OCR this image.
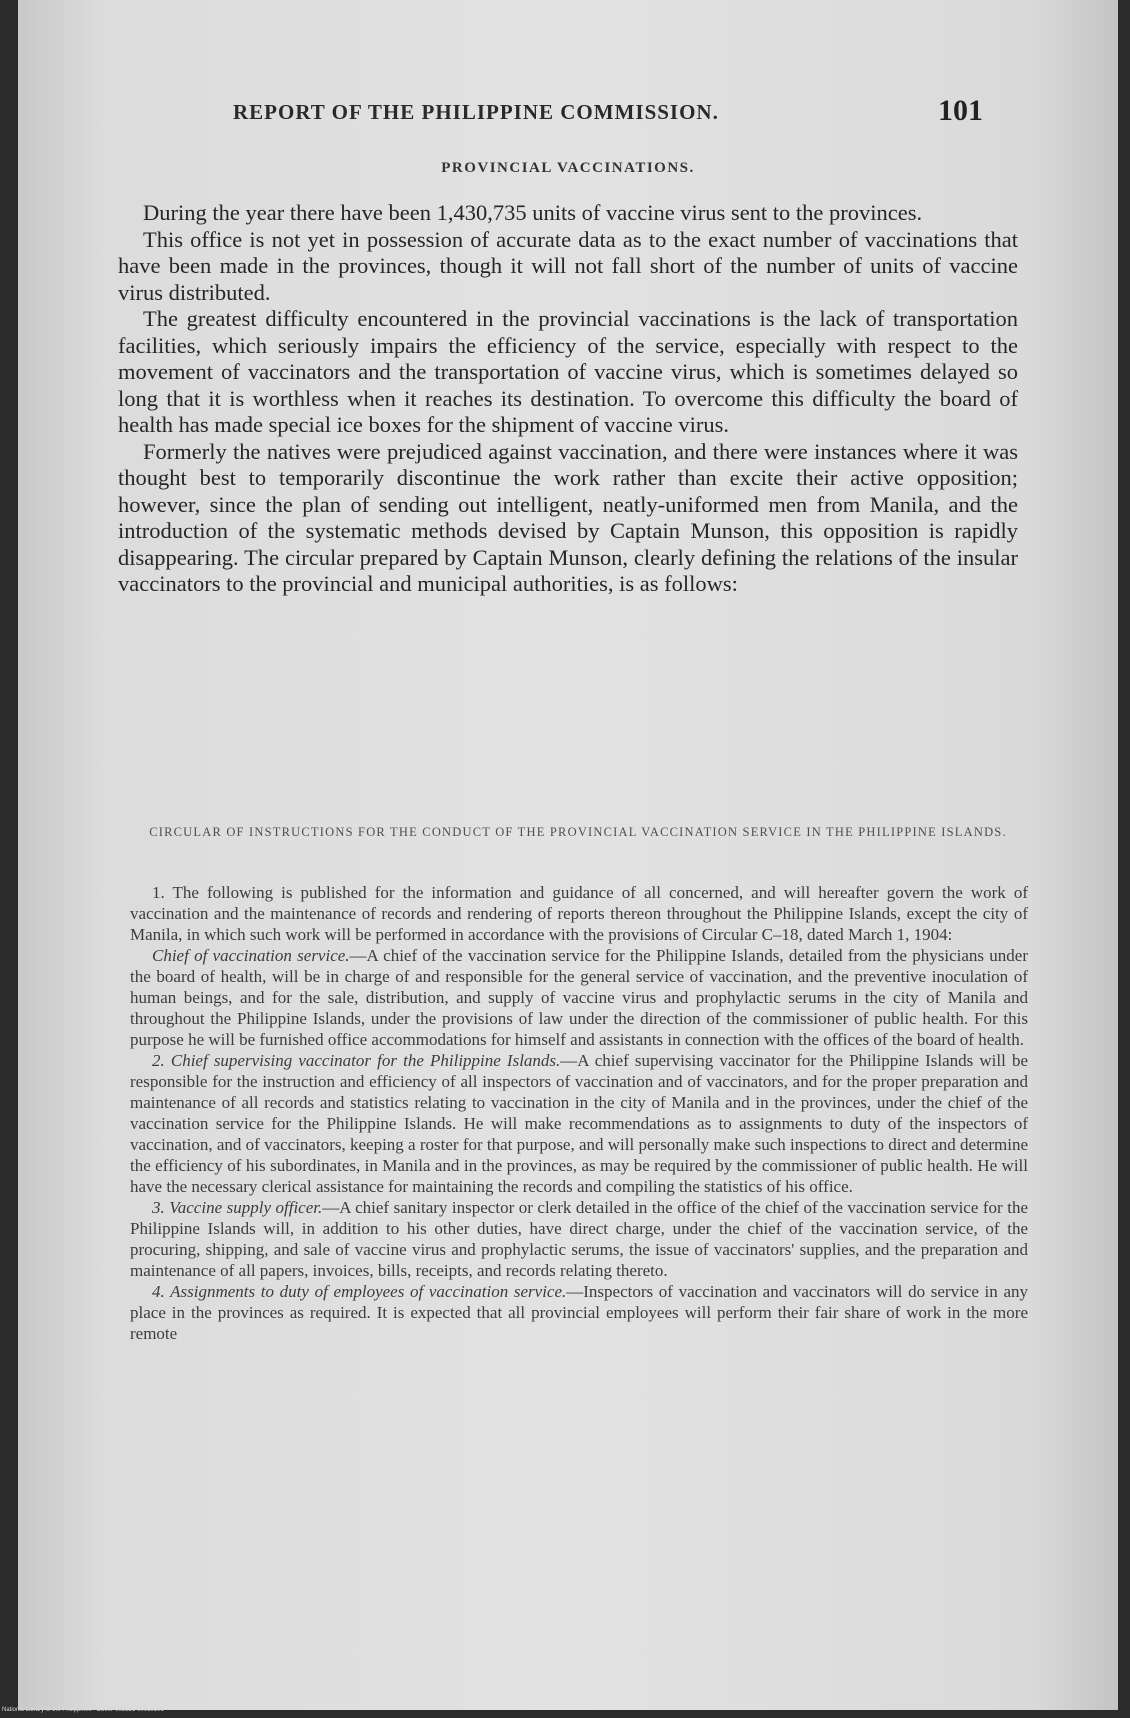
REPORT OF THE PHILIPPINE COMMISSION.	101
PROVINCIAL VACCINATIONS.

During the year there have been 1,430,735 units of vaccine virus sent to the provinces.

This office is not yet in possession of accurate data as to the exact number of vaccinations that have been made in the provinces, though it will not fall short of the number of units of vaccine virus distributed.

The greatest difficulty encountered in the provincial vaccinations is the lack of transportation facilities, which seriously impairs the efficiency of the service, especially with respect to the movement of vaccinators and the transportation of vaccine virus, which is sometimes delayed so long that it is worthless when it reaches its destination. To overcome this difficulty the board of health has made special ice boxes for the shipment of vaccine virus.

Formerly the natives were prejudiced against vaccination, and there were instances where it was thought best to temporarily discontinue the work rather than excite their active opposition; however, since the plan of sending out intelligent, neatly-uniformed men from Manila, and the introduction of the systematic methods devised by Captain Munson, this opposition is rapidly disappearing. The circular prepared by Captain Munson, clearly defining the relations of the insular vaccinators to the provincial and municipal authorities, is as follows:

CIRCULAR OF INSTRUCTIONS FOR THE CONDUCT OF THE PROVINCIAL VACCINATION SERVICE IN THE PHILIPPINE ISLANDS.

1. The following is published for the information and guidance of all concerned, and will hereafter govern the work of vaccination and the maintenance of records and rendering of reports thereon throughout the Philippine Islands, except the city of Manila, in which such work will be performed in accordance with the provisions of Circular C–18, dated March 1, 1904:

Chief of vaccination service.—A chief of the vaccination service for the Philippine Islands, detailed from the physicians under the board of health, will be in charge of and responsible for the general service of vaccination, and the preventive inoculation of human beings, and for the sale, distribution, and supply of vaccine virus and prophylactic serums in the city of Manila and throughout the Philippine Islands, under the provisions of law under the direction of the commissioner of public health. For this purpose he will be furnished office accommodations for himself and assistants in connection with the offices of the board of health.

2. Chief supervising vaccinator for the Philippine Islands.—A chief supervising vaccinator for the Philippine Islands will be responsible for the instruction and efficiency of all inspectors of vaccination and of vaccinators, and for the proper preparation and maintenance of all records and statistics relating to vaccination in the city of Manila and in the provinces, under the chief of the vaccination service for the Philippine Islands. He will make recommendations as to assignments to duty of the inspectors of vaccination, and of vaccinators, keeping a roster for that purpose, and will personally make such inspections to direct and determine the efficiency of his subordinates, in Manila and in the provinces, as may be required by the commissioner of public health. He will have the necessary clerical assistance for maintaining the records and compiling the statistics of his office.

3. Vaccine supply officer.—A chief sanitary inspector or clerk detailed in the office of the chief of the vaccination service for the Philippine Islands will, in addition to his other duties, have direct charge, under the chief of the vaccination service, of the procuring, shipping, and sale of vaccine virus and prophylactic serums, the issue of vaccinators' supplies, and the preparation and maintenance of all papers, invoices, bills, receipts, and records relating thereto.

4. Assignments to duty of employees of vaccination service.—Inspectors of vaccination and vaccinators will do service in any place in the provinces as required. It is expected that all provincial employees will perform their fair share of work in the more remote

National Library of the Philippines · D300P002821-00010101
